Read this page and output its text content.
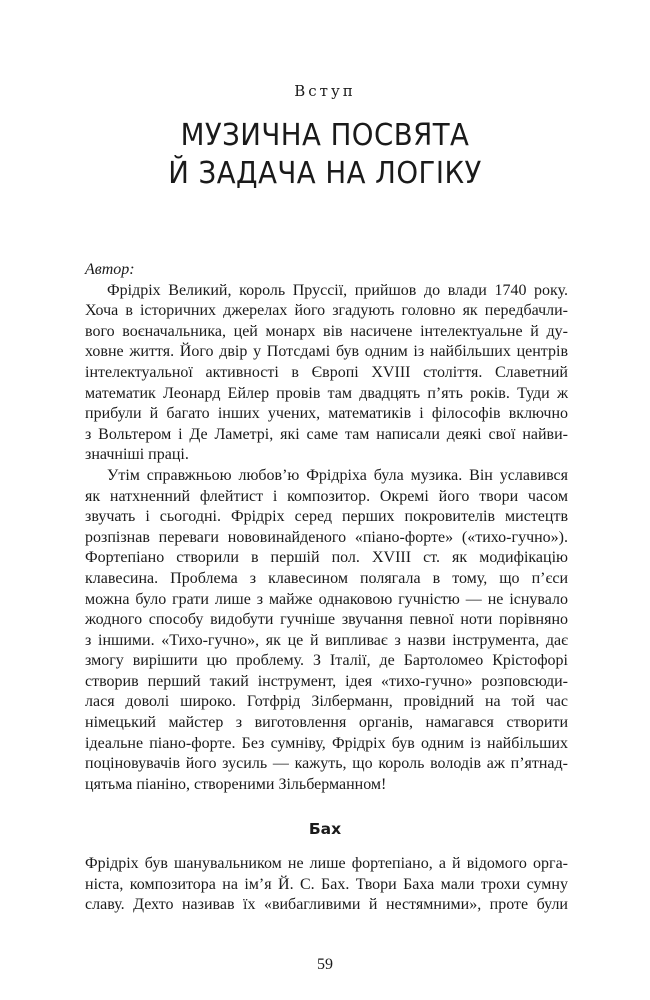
Вступ
МУЗИЧНА ПОСВЯТА
Й ЗАДАЧА НА ЛОГІКУ
Автор:
Фрідріх Великий, король Пруссії, прийшов до влади 1740 року.
Хоча в історичних джерелах його згадують головно як передбачли-
вого воєначальника, цей монарх вів насичене інтелектуальне й ду-
ховне життя. Його двір у Потсдамі був одним із найбільших центрів
інтелектуальної активності в Європі XVIII століття. Славетний
математик Леонард Ейлер провів там двадцять п’ять років. Туди ж
прибули й багато інших учених, математиків і філософів включно
з Вольтером і Де Ламетрі, які саме там написали деякі свої найви-
значніші праці.
Утім справжньою любов’ю Фрідріха була музика. Він уславився
як натхненний флейтист і композитор. Окремі його твори часом
звучать і сьогодні. Фрідріх серед перших покровителів мистецтв
розпізнав переваги нововинайденого «піано-форте» («тихо-гучно»).
Фортепіано створили в першій пол. XVIII ст. як модифікацію
клавесина. Проблема з клавесином полягала в тому, що п’єси
можна було грати лише з майже однаковою гучністю — не існувало
жодного способу видобути гучніше звучання певної ноти порівняно
з іншими. «Тихо-гучно», як це й випливає з назви інструмента, дає
змогу вирішити цю проблему. З Італії, де Бартоломео Крістофорі
створив перший такий інструмент, ідея «тихо-гучно» розповсюди-
лася доволі широко. Готфрід Зілберманн, провідний на той час
німецький майстер з виготовлення органів, намагався створити
ідеальне піано-форте. Без сумніву, Фрідріх був одним із найбільших
поціновувачів його зусиль — кажуть, що король володів аж п’ятнад-
цятьма піаніно, створеними Зільберманном!
Бах
Фрідріх був шанувальником не лише фортепіано, а й відомого орга-
ніста, композитора на ім’я Й. С. Бах. Твори Баха мали трохи сумну
славу. Дехто називав їх «вибагливими й нестямними», проте були
59
